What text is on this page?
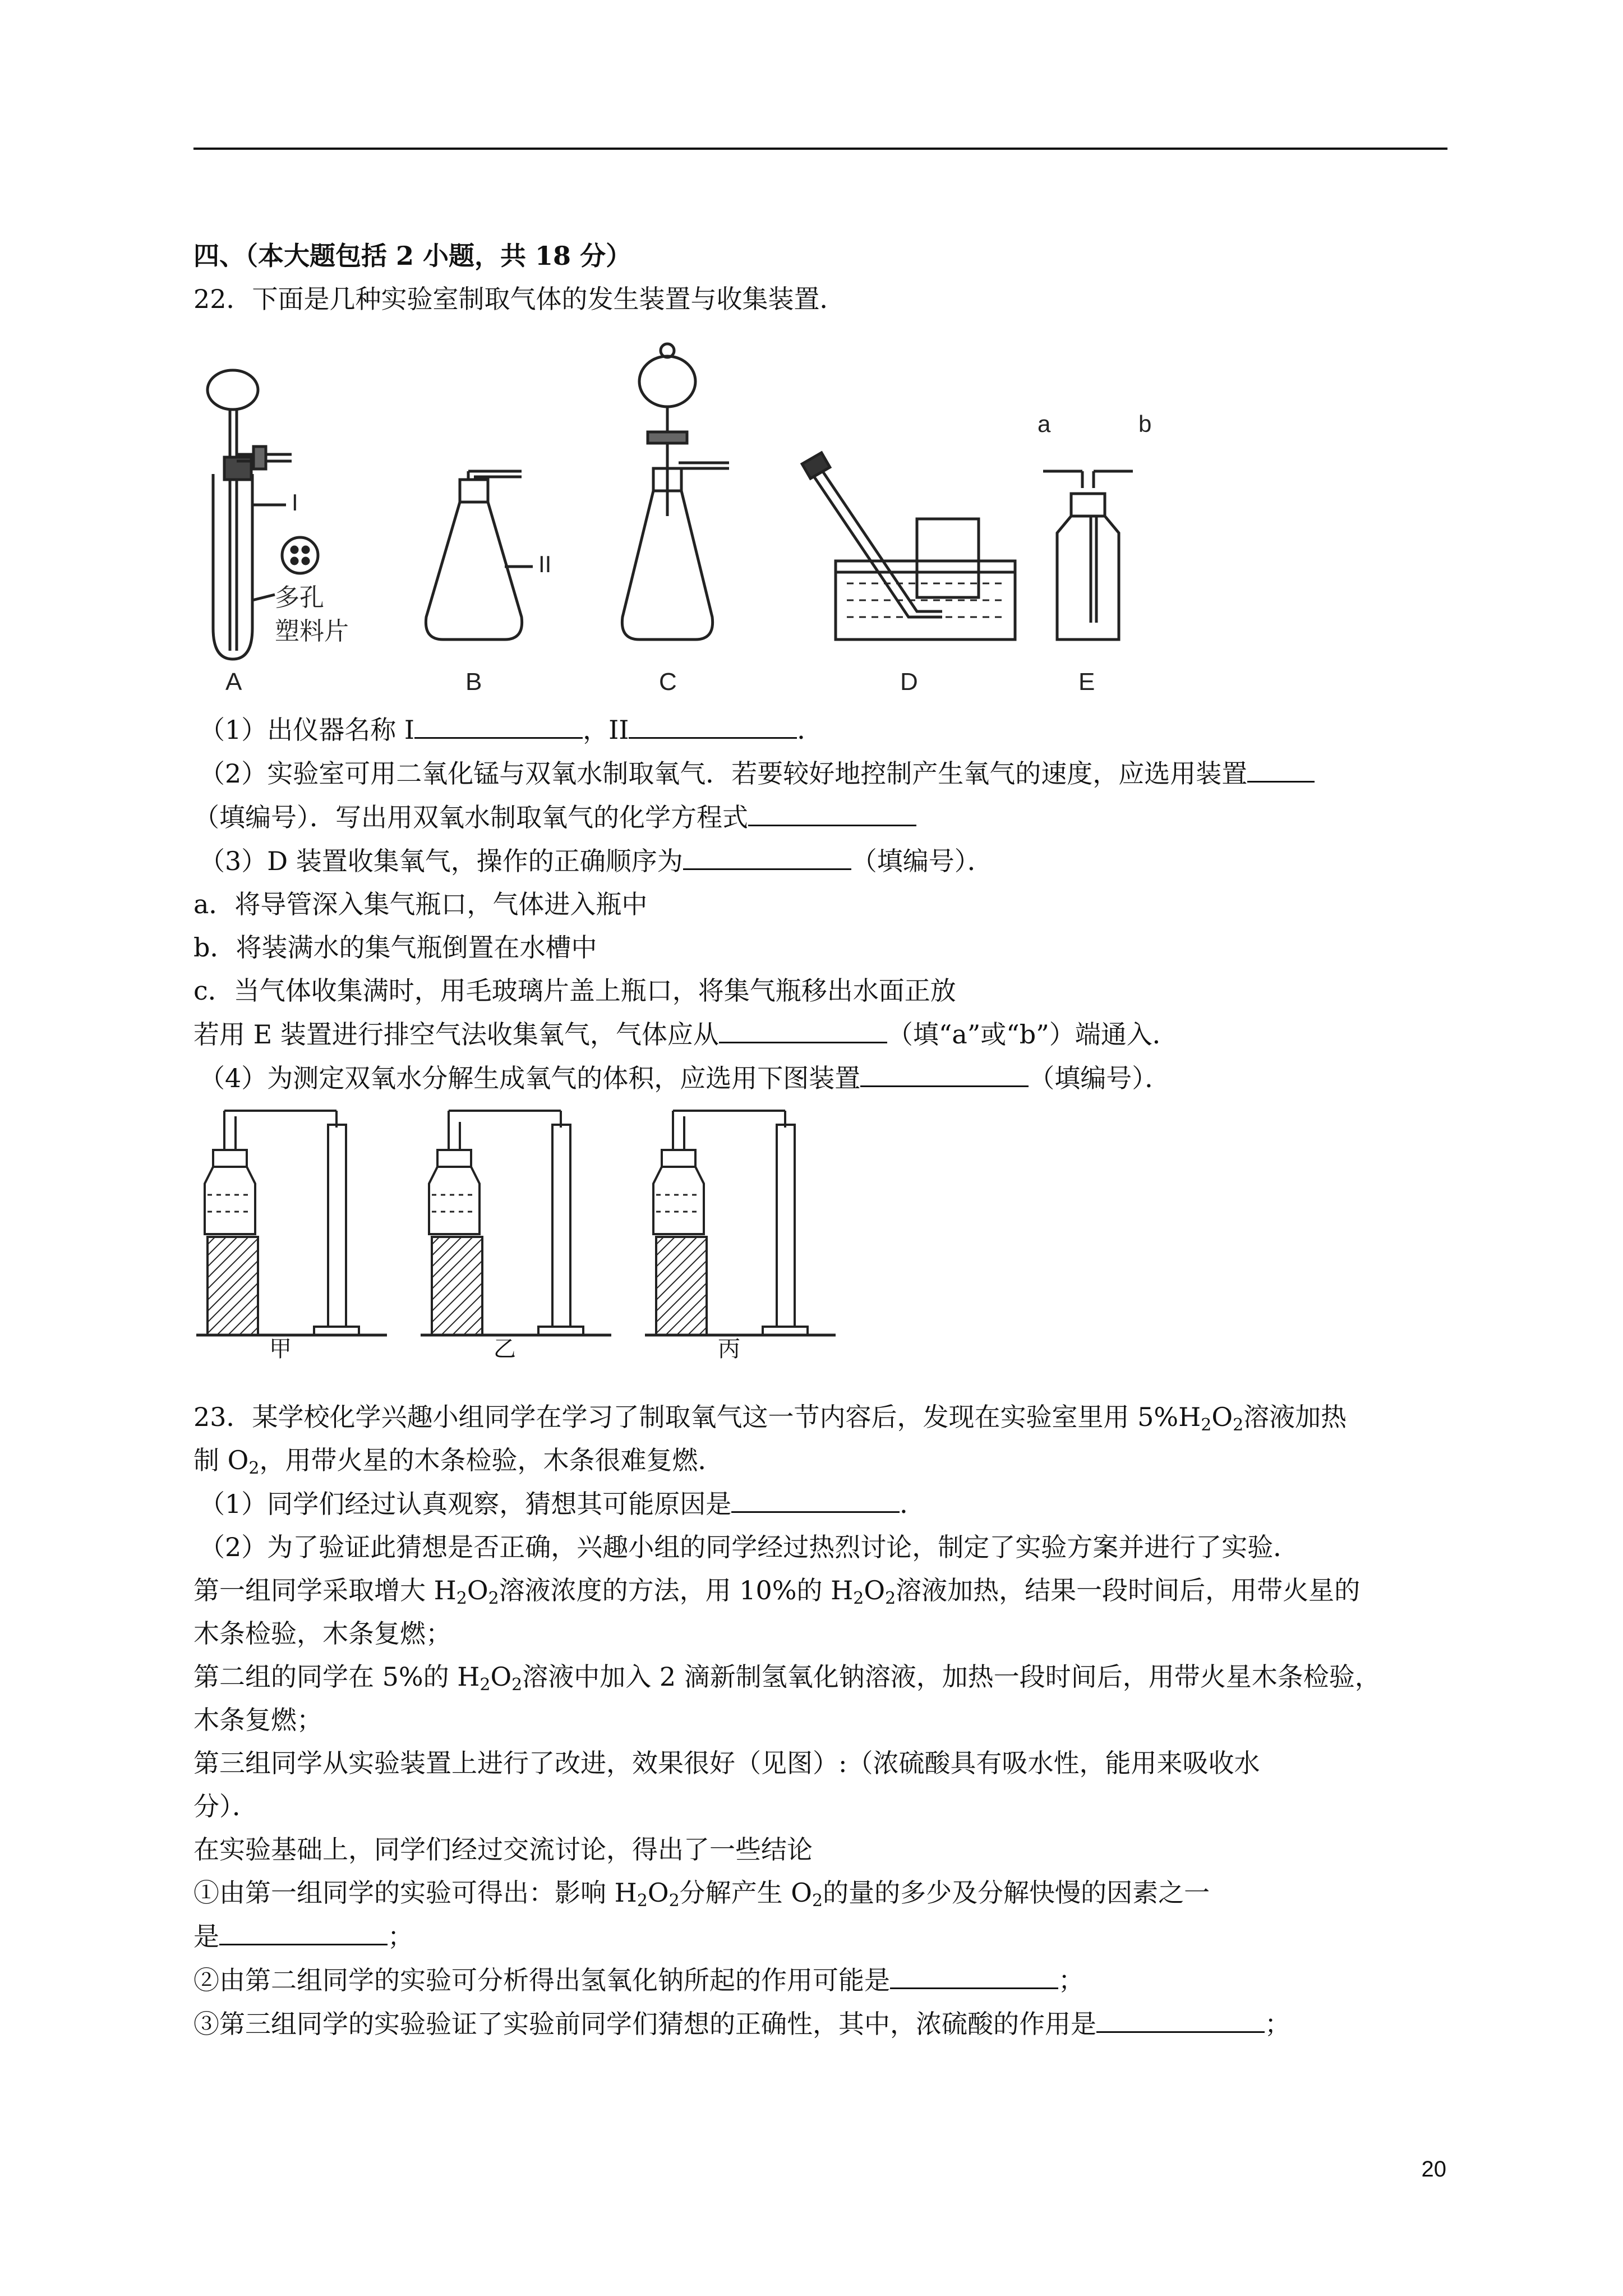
四、（本大题包括 2 小题，共 18 分）
22．下面是几种实验室制取气体的发生装置与收集装置．
I
II
a	b
多孔
塑料片
A	B	C	D	E
（1）出仪器名称 I	，II	．
（2）实验室可用二氧化锰与双氧水制取氧气．若要较好地控制产生氧气的速度，应选用装置
（填编号）．写出用双氧水制取氧气的化学方程式
（3）D 装置收集氧气，操作的正确顺序为	（填编号）．
a．将导管深入集气瓶口，气体进入瓶中
b．将装满水的集气瓶倒置在水槽中
c．当气体收集满时，用毛玻璃片盖上瓶口，将集气瓶移出水面正放
若用 E 装置进行排空气法收集氧气，气体应从	（填“a”或“b”）端通入．
（4）为测定双氧水分解生成氧气的体积，应选用下图装置	（填编号）．
甲	乙	丙
23．某学校化学兴趣小组同学在学习了制取氧气这一节内容后，发现在实验室里用 $5\%H_2O_2$溶液加热
制 $O_2$，用带火星的木条检验，木条很难复燃．
（1）同学们经过认真观察，猜想其可能原因是	．
（2）为了验证此猜想是否正确，兴趣小组的同学经过热烈讨论，制定了实验方案并进行了实验．
第一组同学采取增大 $H_2O_2$溶液浓度的方法，用 10%的 $H_2O_2$溶液加热，结果一段时间后，用带火星的
木条检验，木条复燃；
第二组的同学在 5%的 $H_2O_2$溶液中加入 2 滴新制氢氧化钠溶液，加热一段时间后，用带火星木条检验，
木条复燃；
第三组同学从实验装置上进行了改进，效果很好（见图）:（浓硫酸具有吸水性，能用来吸收水
分）．
在实验基础上，同学们经过交流讨论，得出了一些结论
①由第一组同学的实验可得出：影响 $H_2O_2$分解产生 $O_2$的量的多少及分解快慢的因素之一
是	；
②由第二组同学的实验可分析得出氢氧化钠所起的作用可能是	；
③第三组同学的实验验证了实验前同学们猜想的正确性，其中，浓硫酸的作用是	；
20
